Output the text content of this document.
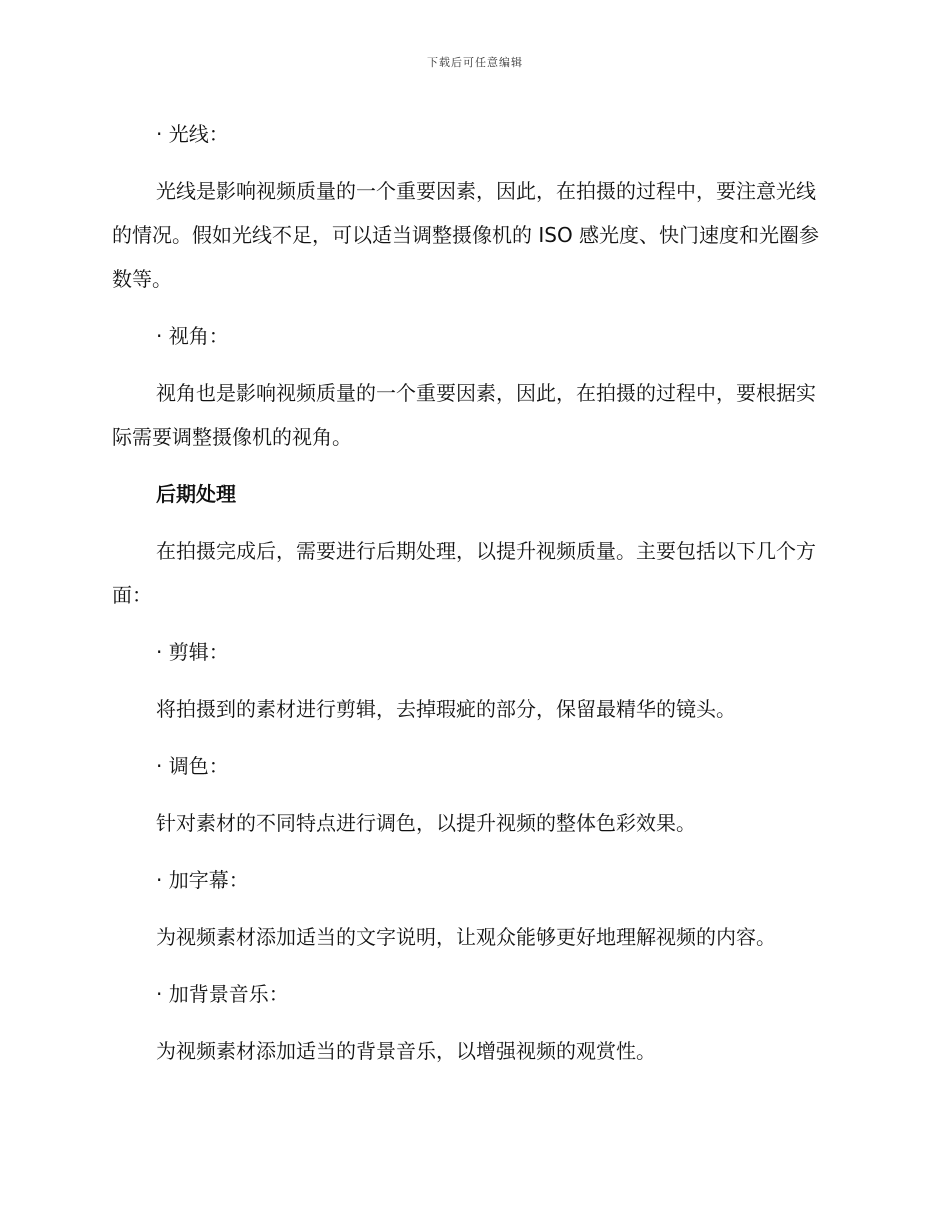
下载后可任意编辑
· 光线：
光线是影响视频质量的一个重要因素，因此，在拍摄的过程中，要注意光线的情况。假如光线不足，可以适当调整摄像机的 ISO 感光度、快门速度和光圈参数等。
· 视角：
视角也是影响视频质量的一个重要因素，因此，在拍摄的过程中，要根据实际需要调整摄像机的视角。
后期处理
在拍摄完成后，需要进行后期处理，以提升视频质量。主要包括以下几个方面：
· 剪辑：
将拍摄到的素材进行剪辑，去掉瑕疵的部分，保留最精华的镜头。
· 调色：
针对素材的不同特点进行调色，以提升视频的整体色彩效果。
· 加字幕：
为视频素材添加适当的文字说明，让观众能够更好地理解视频的内容。
· 加背景音乐：
为视频素材添加适当的背景音乐，以增强视频的观赏性。
